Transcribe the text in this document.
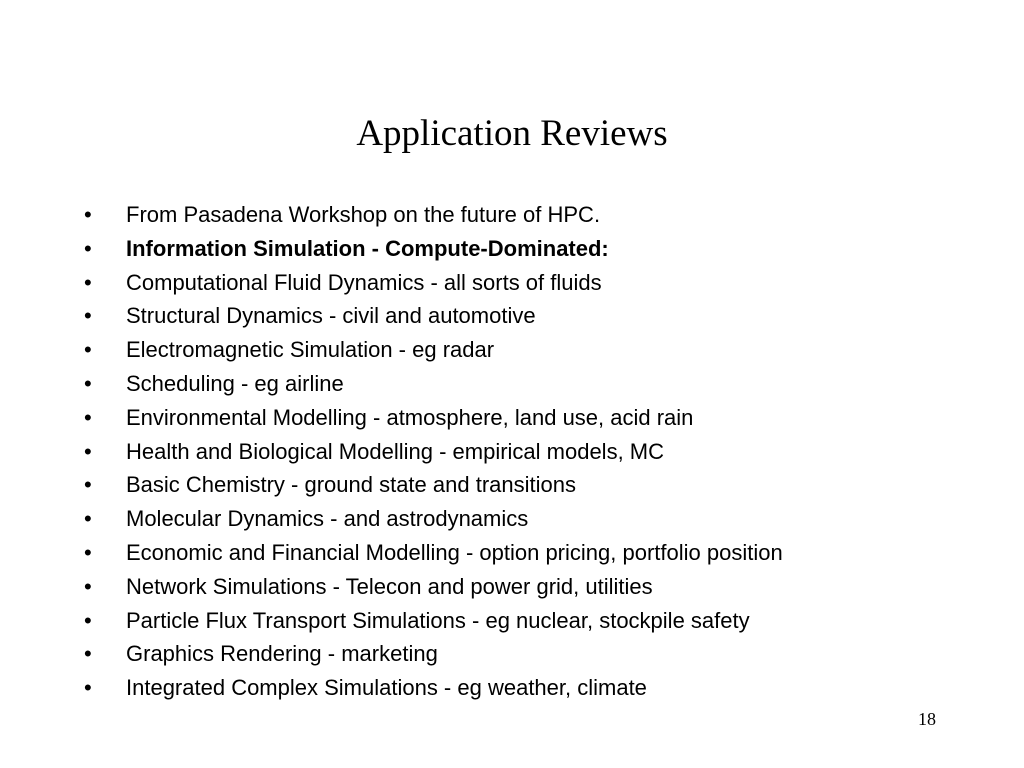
Application Reviews
•	From Pasadena Workshop on the future of HPC.
•	Information Simulation - Compute-Dominated:
•	Computational Fluid Dynamics - all sorts of fluids
•	Structural Dynamics - civil and automotive
•	Electromagnetic Simulation - eg radar
•	Scheduling - eg airline
•	Environmental Modelling - atmosphere, land use, acid rain
•	Health and Biological Modelling - empirical models, MC
•	Basic Chemistry - ground state and transitions
•	Molecular Dynamics - and astrodynamics
•	Economic and Financial Modelling - option pricing, portfolio position
•	Network Simulations - Telecon and power grid, utilities
•	Particle Flux Transport Simulations - eg nuclear, stockpile safety
•	Graphics Rendering - marketing
•	Integrated Complex Simulations - eg weather, climate
18
